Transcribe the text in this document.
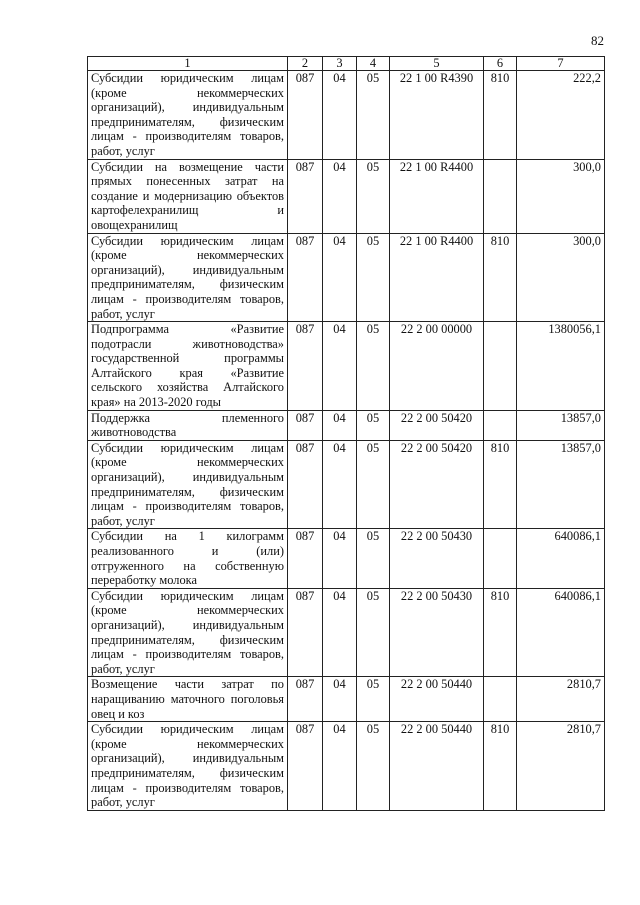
82
1	2	3	4	5	6	7
Субсидии юридическим лицам (кроме некоммерческих организаций), индивидуальным предпринимателям, физическим лицам - производителям товаров, работ, услуг	087	04	05	22 1 00 R4390	810	222,2
Субсидии на возмещение части прямых понесенных затрат на создание и модернизацию объектов картофелехранилищ и овощехранилищ	087	04	05	22 1 00 R4400		300,0
Субсидии юридическим лицам (кроме некоммерческих организаций), индивидуальным предпринимателям, физическим лицам - производителям товаров, работ, услуг	087	04	05	22 1 00 R4400	810	300,0
Подпрограмма «Развитие подотрасли животноводства» государственной программы Алтайского края «Развитие сельского хозяйства Алтайского края» на 2013-2020 годы	087	04	05	22 2 00 00000		1380056,1
Поддержка племенного животноводства	087	04	05	22 2 00 50420		13857,0
Субсидии юридическим лицам (кроме некоммерческих организаций), индивидуальным предпринимателям, физическим лицам - производителям товаров, работ, услуг	087	04	05	22 2 00 50420	810	13857,0
Субсидии на 1 килограмм реализованного и (или) отгруженного на собственную переработку молока	087	04	05	22 2 00 50430		640086,1
Субсидии юридическим лицам (кроме некоммерческих организаций), индивидуальным предпринимателям, физическим лицам - производителям товаров, работ, услуг	087	04	05	22 2 00 50430	810	640086,1
Возмещение части затрат по наращиванию маточного поголовья овец и коз	087	04	05	22 2 00 50440		2810,7
Субсидии юридическим лицам (кроме некоммерческих организаций), индивидуальным предпринимателям, физическим лицам - производителям товаров, работ, услуг	087	04	05	22 2 00 50440	810	2810,7
